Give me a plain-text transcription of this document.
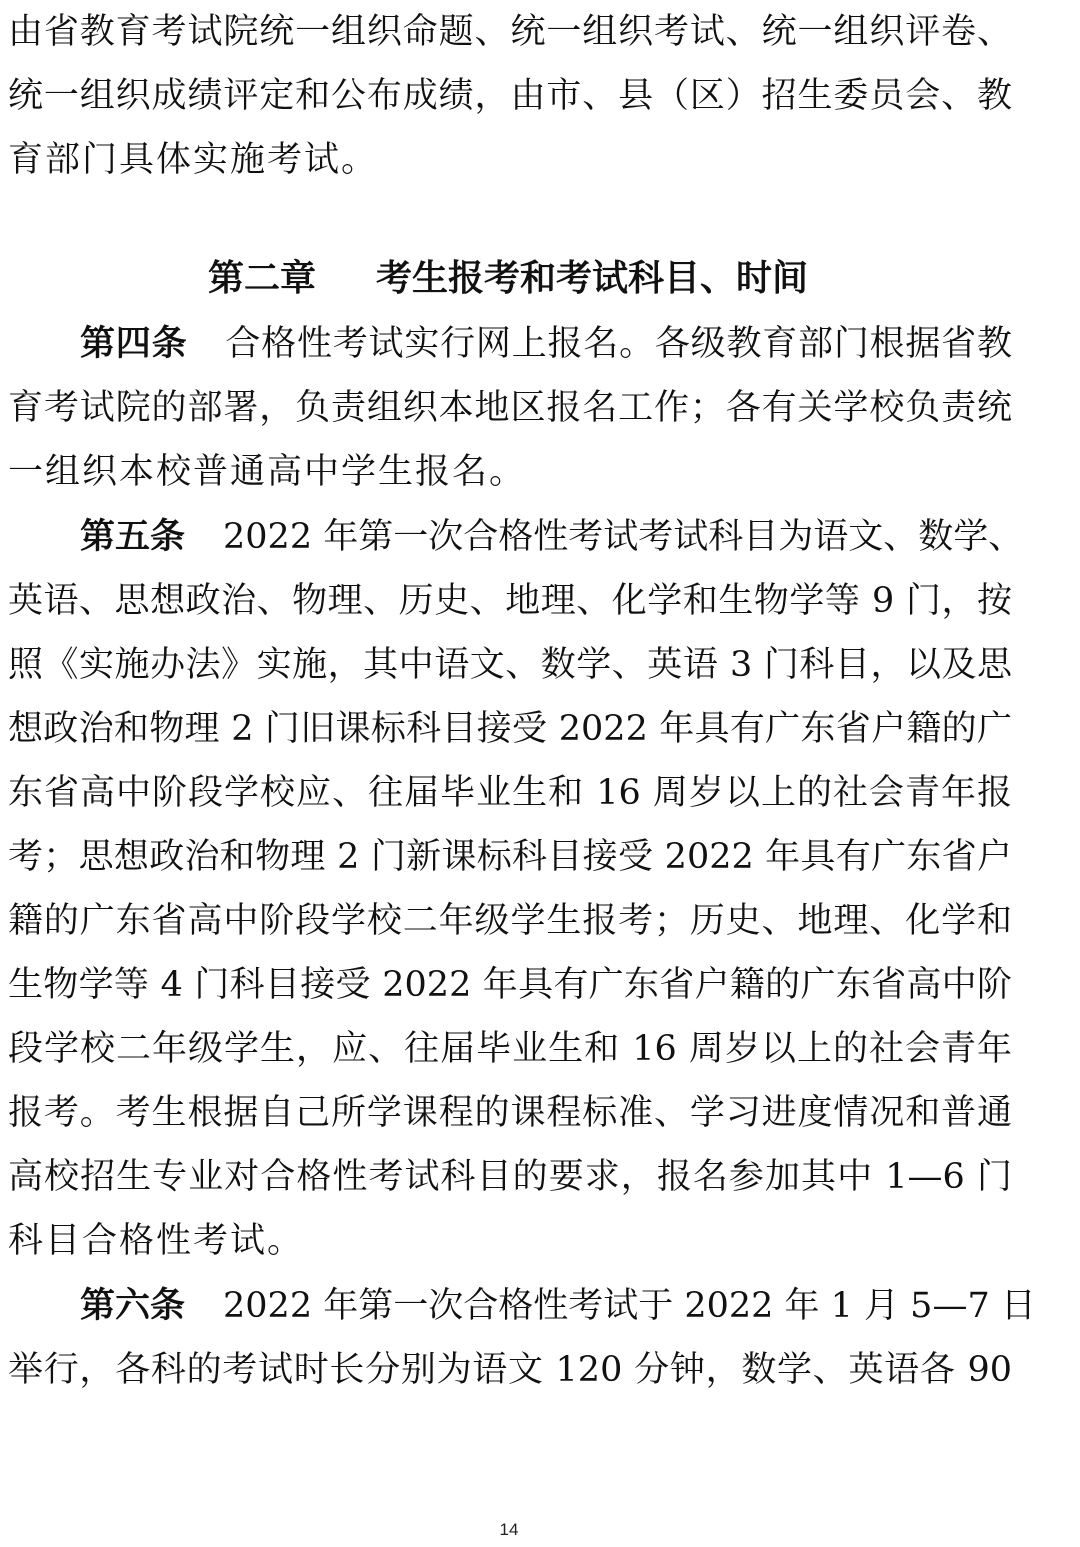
由省教育考试院统一组织命题、统一组织考试、统一组织评卷、
统一组织成绩评定和公布成绩，由市、县（区）招生委员会、教
育部门具体实施考试。
第二章 考生报考和考试科目、时间
第四条 合格性考试实行网上报名。各级教育部门根据省教
育考试院的部署，负责组织本地区报名工作；各有关学校负责统
一组织本校普通高中学生报名。
第五条 2022 年第一次合格性考试考试科目为语文、数学、
英语、思想政治、物理、历史、地理、化学和生物学等 9 门，按
照《实施办法》实施，其中语文、数学、英语 3 门科目，以及思
想政治和物理 2 门旧课标科目接受 2022 年具有广东省户籍的广
东省高中阶段学校应、往届毕业生和 16 周岁以上的社会青年报
考；思想政治和物理 2 门新课标科目接受 2022 年具有广东省户
籍的广东省高中阶段学校二年级学生报考；历史、地理、化学和
生物学等 4 门科目接受 2022 年具有广东省户籍的广东省高中阶
段学校二年级学生，应、往届毕业生和 16 周岁以上的社会青年
报考。考生根据自己所学课程的课程标准、学习进度情况和普通
高校招生专业对合格性考试科目的要求，报名参加其中 1—6 门
科目合格性考试。
第六条 2022 年第一次合格性考试于 2022 年 1 月 5—7 日
举行，各科的考试时长分别为语文 120 分钟，数学、英语各 90
14
